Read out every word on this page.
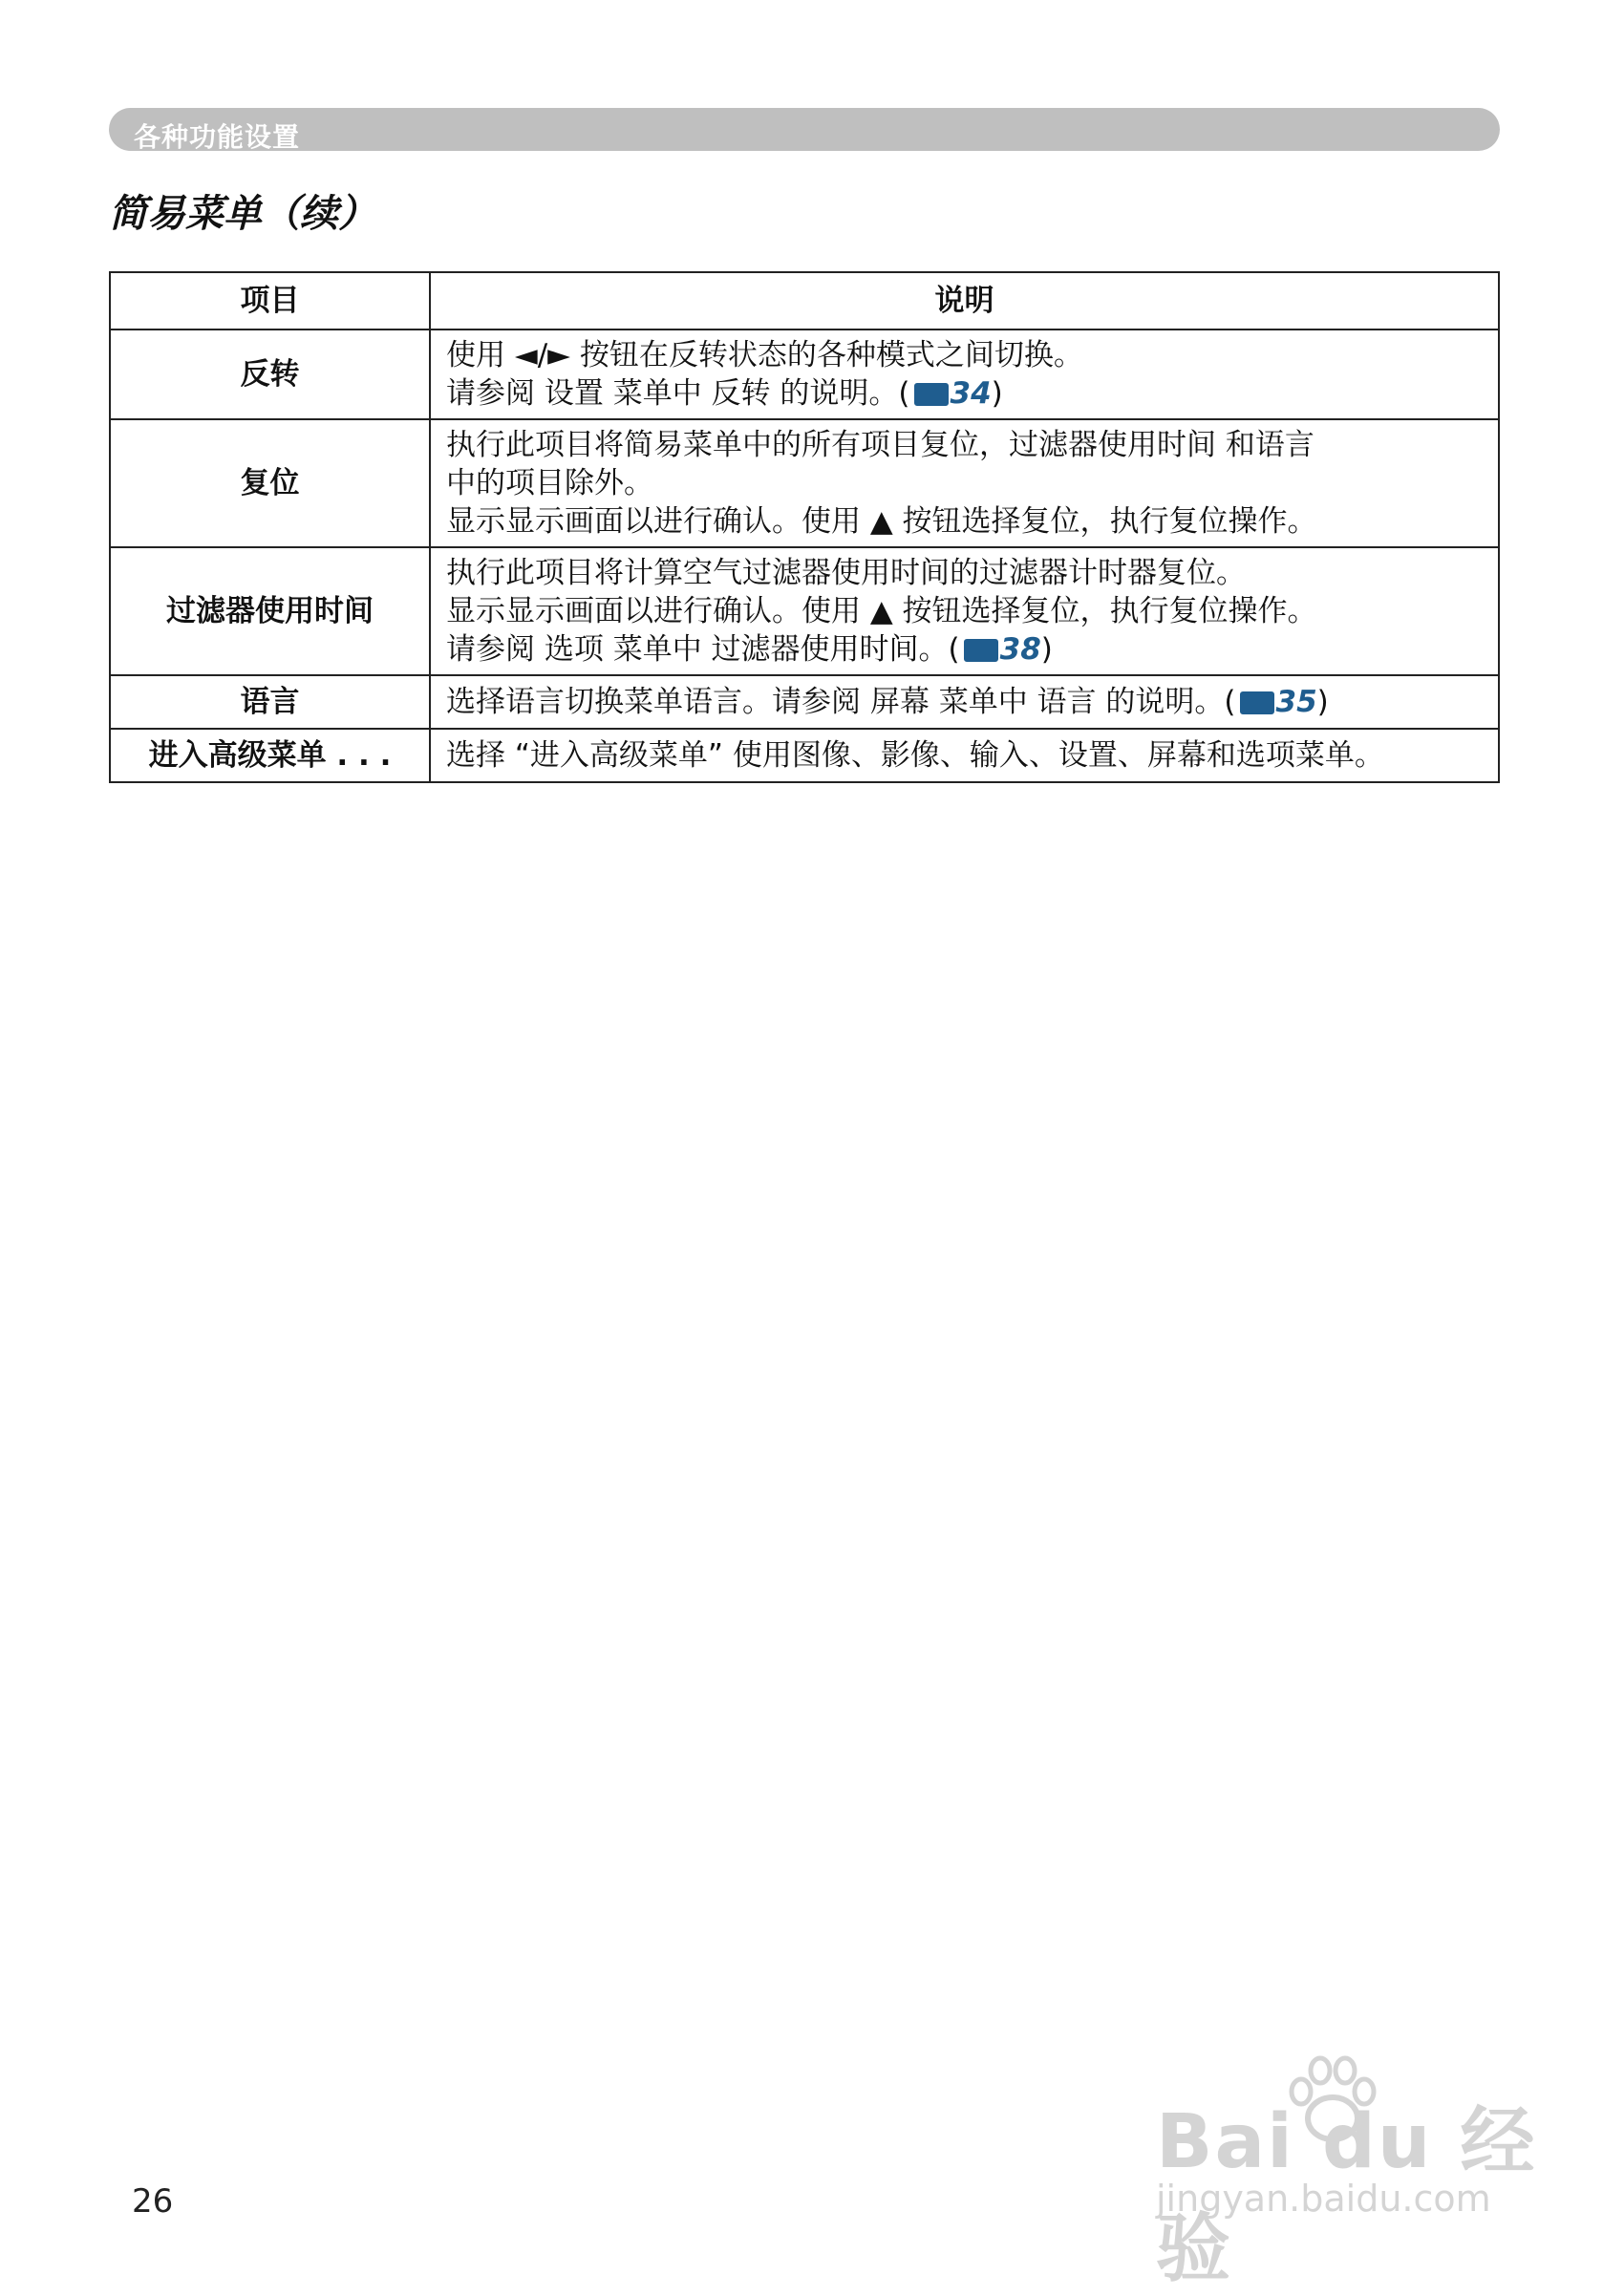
各种功能设置
简易菜单（续）
项目	说明
反转	使用 ◄/► 按钮在反转状态的各种模式之间切换。
请参阅 设置 菜单中 反转 的说明。( 34)

复位	执行此项目将简易菜单中的所有项目复位，过滤器使用时间 和语言
中的项目除外。
显示显示画面以进行确认。使用 ▲ 按钮选择复位，执行复位操作。

过滤器使用时间	执行此项目将计算空气过滤器使用时间的过滤器计时器复位。
显示显示画面以进行确认。使用 ▲ 按钮选择复位，执行复位操作。
请参阅 选项 菜单中 过滤器使用时间。( 38)

语言	选择语言切换菜单语言。请参阅 屏幕 菜单中 语言 的说明。( 35)

进入高级菜单 . . .	选择 “进入高级菜单” 使用图像、影像、输入、设置、屏幕和选项菜单。
26
Bai du 经验
jingyan.baidu.com
